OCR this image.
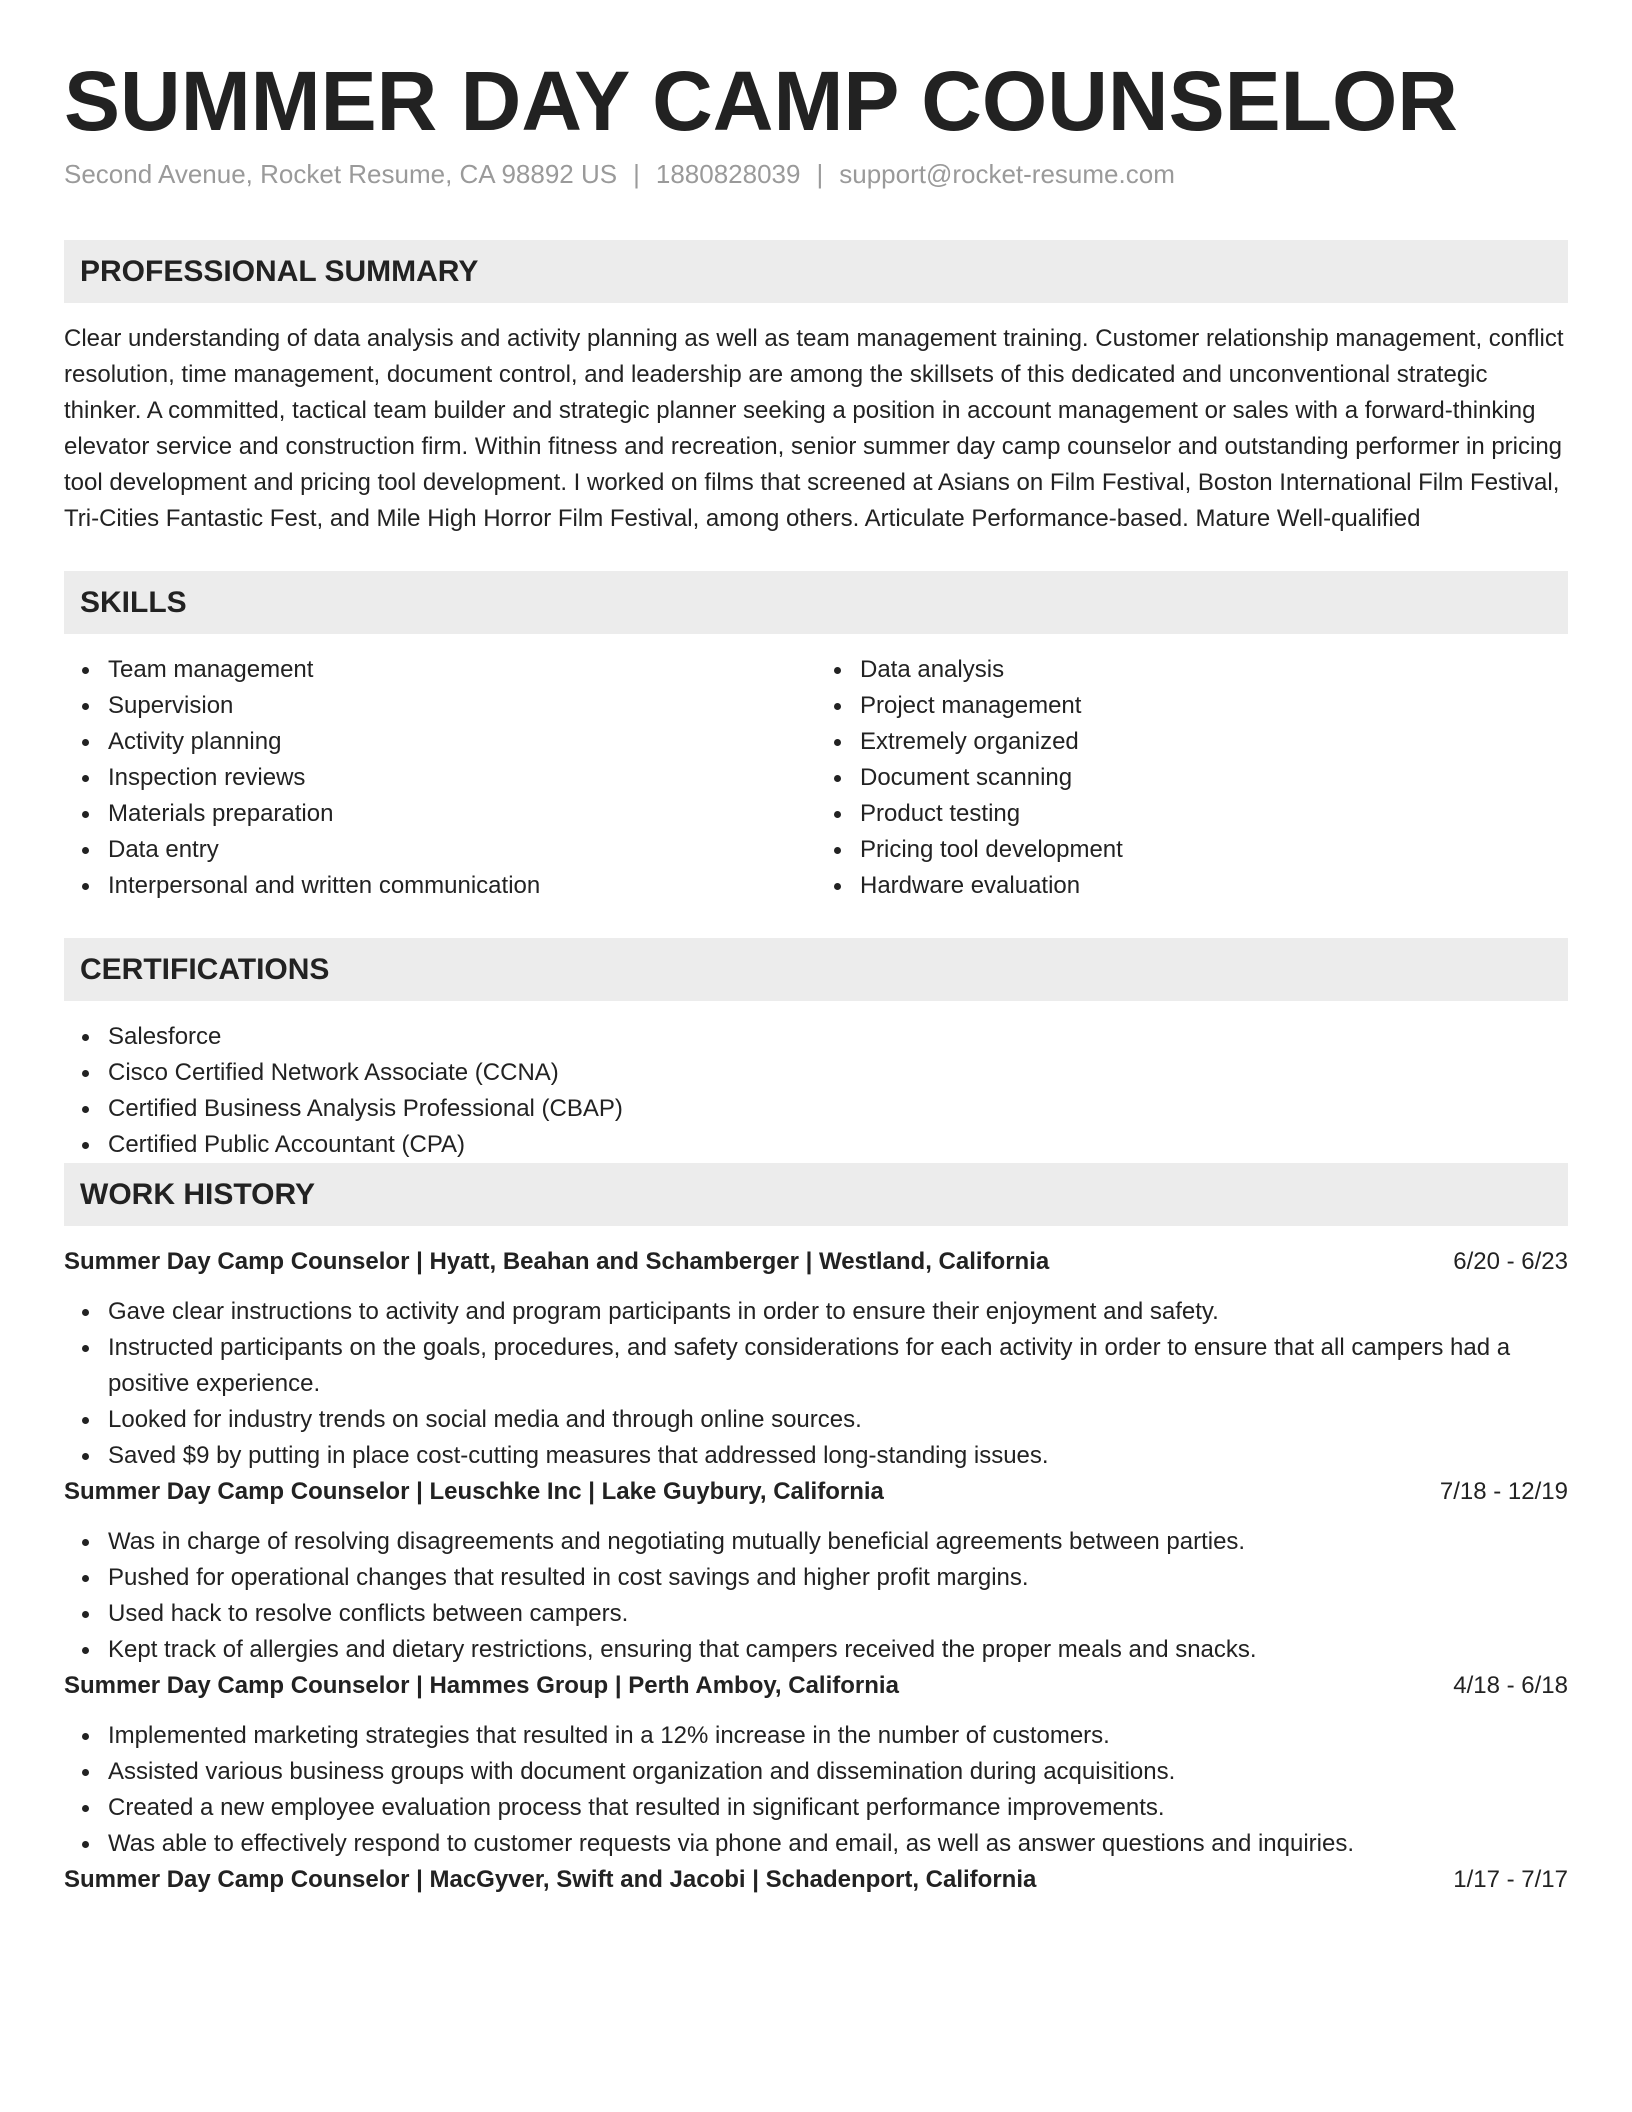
SUMMER DAY CAMP COUNSELOR
Second Avenue, Rocket Resume, CA 98892 US | 1880828039 | support@rocket-resume.com
PROFESSIONAL SUMMARY
Clear understanding of data analysis and activity planning as well as team management training. Customer relationship management, conflict resolution, time management, document control, and leadership are among the skillsets of this dedicated and unconventional strategic thinker. A committed, tactical team builder and strategic planner seeking a position in account management or sales with a forward-thinking elevator service and construction firm. Within fitness and recreation, senior summer day camp counselor and outstanding performer in pricing tool development and pricing tool development. I worked on films that screened at Asians on Film Festival, Boston International Film Festival, Tri-Cities Fantastic Fest, and Mile High Horror Film Festival, among others. Articulate Performance-based. Mature Well-qualified
SKILLS
Team management
Supervision
Activity planning
Inspection reviews
Materials preparation
Data entry
Interpersonal and written communication
Data analysis
Project management
Extremely organized
Document scanning
Product testing
Pricing tool development
Hardware evaluation
CERTIFICATIONS
Salesforce
Cisco Certified Network Associate (CCNA)
Certified Business Analysis Professional (CBAP)
Certified Public Accountant (CPA)
WORK HISTORY
Summer Day Camp Counselor | Hyatt, Beahan and Schamberger | Westland, California	6/20 - 6/23
Gave clear instructions to activity and program participants in order to ensure their enjoyment and safety.
Instructed participants on the goals, procedures, and safety considerations for each activity in order to ensure that all campers had a positive experience.
Looked for industry trends on social media and through online sources.
Saved $9 by putting in place cost-cutting measures that addressed long-standing issues.
Summer Day Camp Counselor | Leuschke Inc | Lake Guybury, California	7/18 - 12/19
Was in charge of resolving disagreements and negotiating mutually beneficial agreements between parties.
Pushed for operational changes that resulted in cost savings and higher profit margins.
Used hack to resolve conflicts between campers.
Kept track of allergies and dietary restrictions, ensuring that campers received the proper meals and snacks.
Summer Day Camp Counselor | Hammes Group | Perth Amboy, California	4/18 - 6/18
Implemented marketing strategies that resulted in a 12% increase in the number of customers.
Assisted various business groups with document organization and dissemination during acquisitions.
Created a new employee evaluation process that resulted in significant performance improvements.
Was able to effectively respond to customer requests via phone and email, as well as answer questions and inquiries.
Summer Day Camp Counselor | MacGyver, Swift and Jacobi | Schadenport, California	1/17 - 7/17
